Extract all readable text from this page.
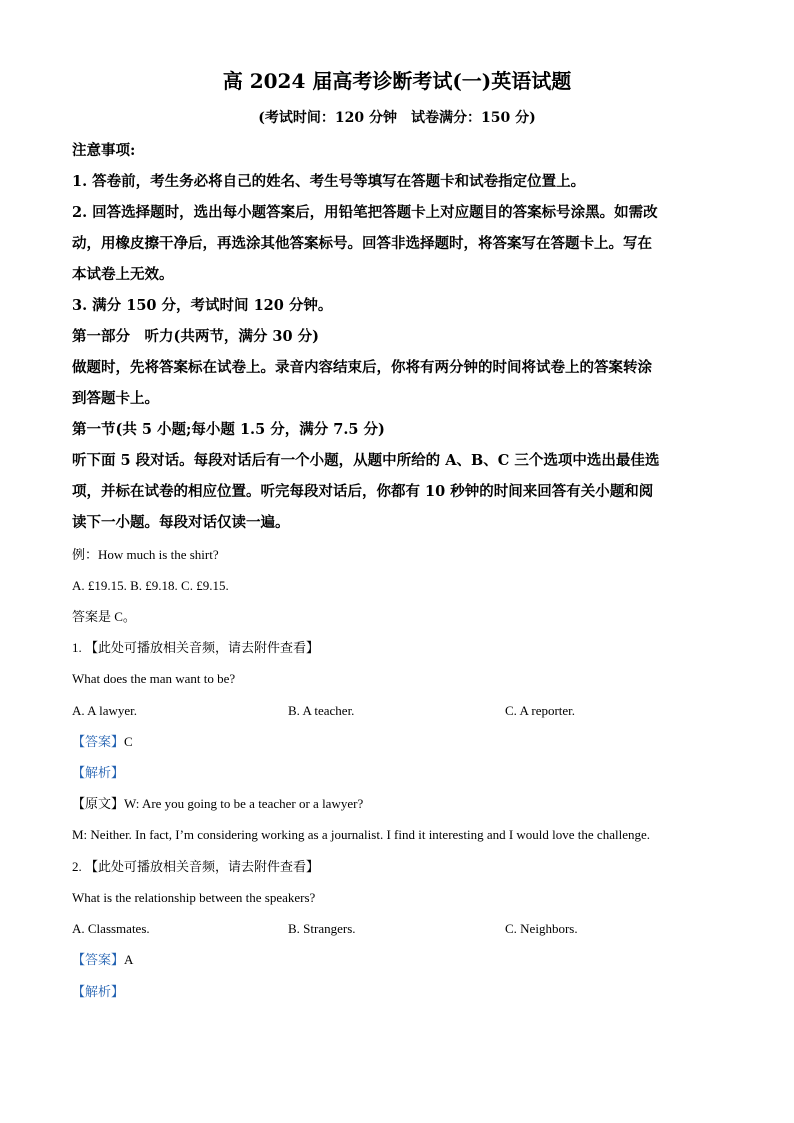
高 2024 届高考诊断考试(一)英语试题
(考试时间：120 分钟　试卷满分：150 分)
注意事项:
1. 答卷前，考生务必将自己的姓名、考生号等填写在答题卡和试卷指定位置上。
2. 回答选择题时，选出每小题答案后，用铅笔把答题卡上对应题目的答案标号涂黑。如需改
动，用橡皮擦干净后，再选涂其他答案标号。回答非选择题时，将答案写在答题卡上。写在
本试卷上无效。
3. 满分 150 分，考试时间 120 分钟。
第一部分　听力(共两节，满分 30 分)
做题时，先将答案标在试卷上。录音内容结束后，你将有两分钟的时间将试卷上的答案转涂
到答题卡上。
第一节(共 5 小题;每小题 1.5 分，满分 7.5 分)
听下面 5 段对话。每段对话后有一个小题，从题中所给的 A、B、C 三个选项中选出最佳选
项，并标在试卷的相应位置。听完每段对话后，你都有 10 秒钟的时间来回答有关小题和阅
读下一小题。每段对话仅读一遍。
例：How much is the shirt?
A. £19.15. B. £9.18. C. £9.15.
答案是 C。
1. 【此处可播放相关音频，请去附件查看】
What does the man want to be?
A. A lawyer.	B. A teacher.	C. A reporter.
【答案】C
【解析】
【原文】W: Are you going to be a teacher or a lawyer?
M: Neither. In fact, I’m considering working as a journalist. I find it interesting and I would love the challenge.
2. 【此处可播放相关音频，请去附件查看】
What is the relationship between the speakers?
A. Classmates.	B. Strangers.	C. Neighbors.
【答案】A
【解析】
